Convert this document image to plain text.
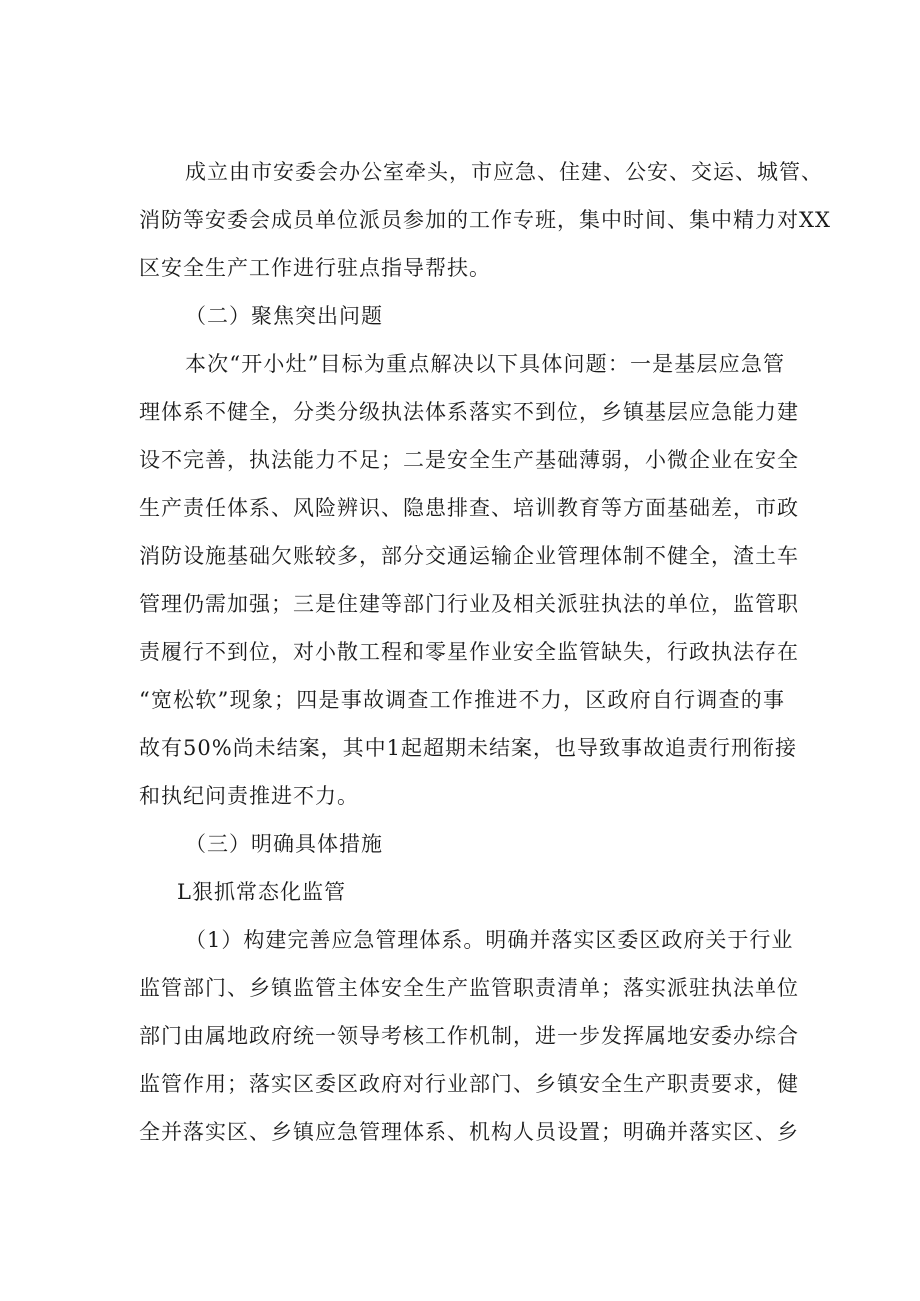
成立由市安委会办公室牵头，市应急、住建、公安、交运、城管、

消防等安委会成员单位派员参加的工作专班，集中时间、集中精力对XX

区安全生产工作进行驻点指导帮扶。

（二）聚焦突出问题

本次“开小灶”目标为重点解决以下具体问题：一是基层应急管

理体系不健全，分类分级执法体系落实不到位，乡镇基层应急能力建

设不完善，执法能力不足；二是安全生产基础薄弱，小微企业在安全

生产责任体系、风险辨识、隐患排查、培训教育等方面基础差，市政

消防设施基础欠账较多，部分交通运输企业管理体制不健全，渣土车

管理仍需加强；三是住建等部门行业及相关派驻执法的单位，监管职

责履行不到位，对小散工程和零星作业安全监管缺失，行政执法存在

“宽松软”现象；四是事故调查工作推进不力，区政府自行调查的事

故有50%尚未结案，其中1起超期未结案，也导致事故追责行刑衔接

和执纪问责推进不力。

（三）明确具体措施

L狠抓常态化监管

（1）构建完善应急管理体系。明确并落实区委区政府关于行业

监管部门、乡镇监管主体安全生产监管职责清单；落实派驻执法单位

部门由属地政府统一领导考核工作机制，进一步发挥属地安委办综合

监管作用；落实区委区政府对行业部门、乡镇安全生产职责要求，健

全并落实区、乡镇应急管理体系、机构人员设置；明确并落实区、乡
